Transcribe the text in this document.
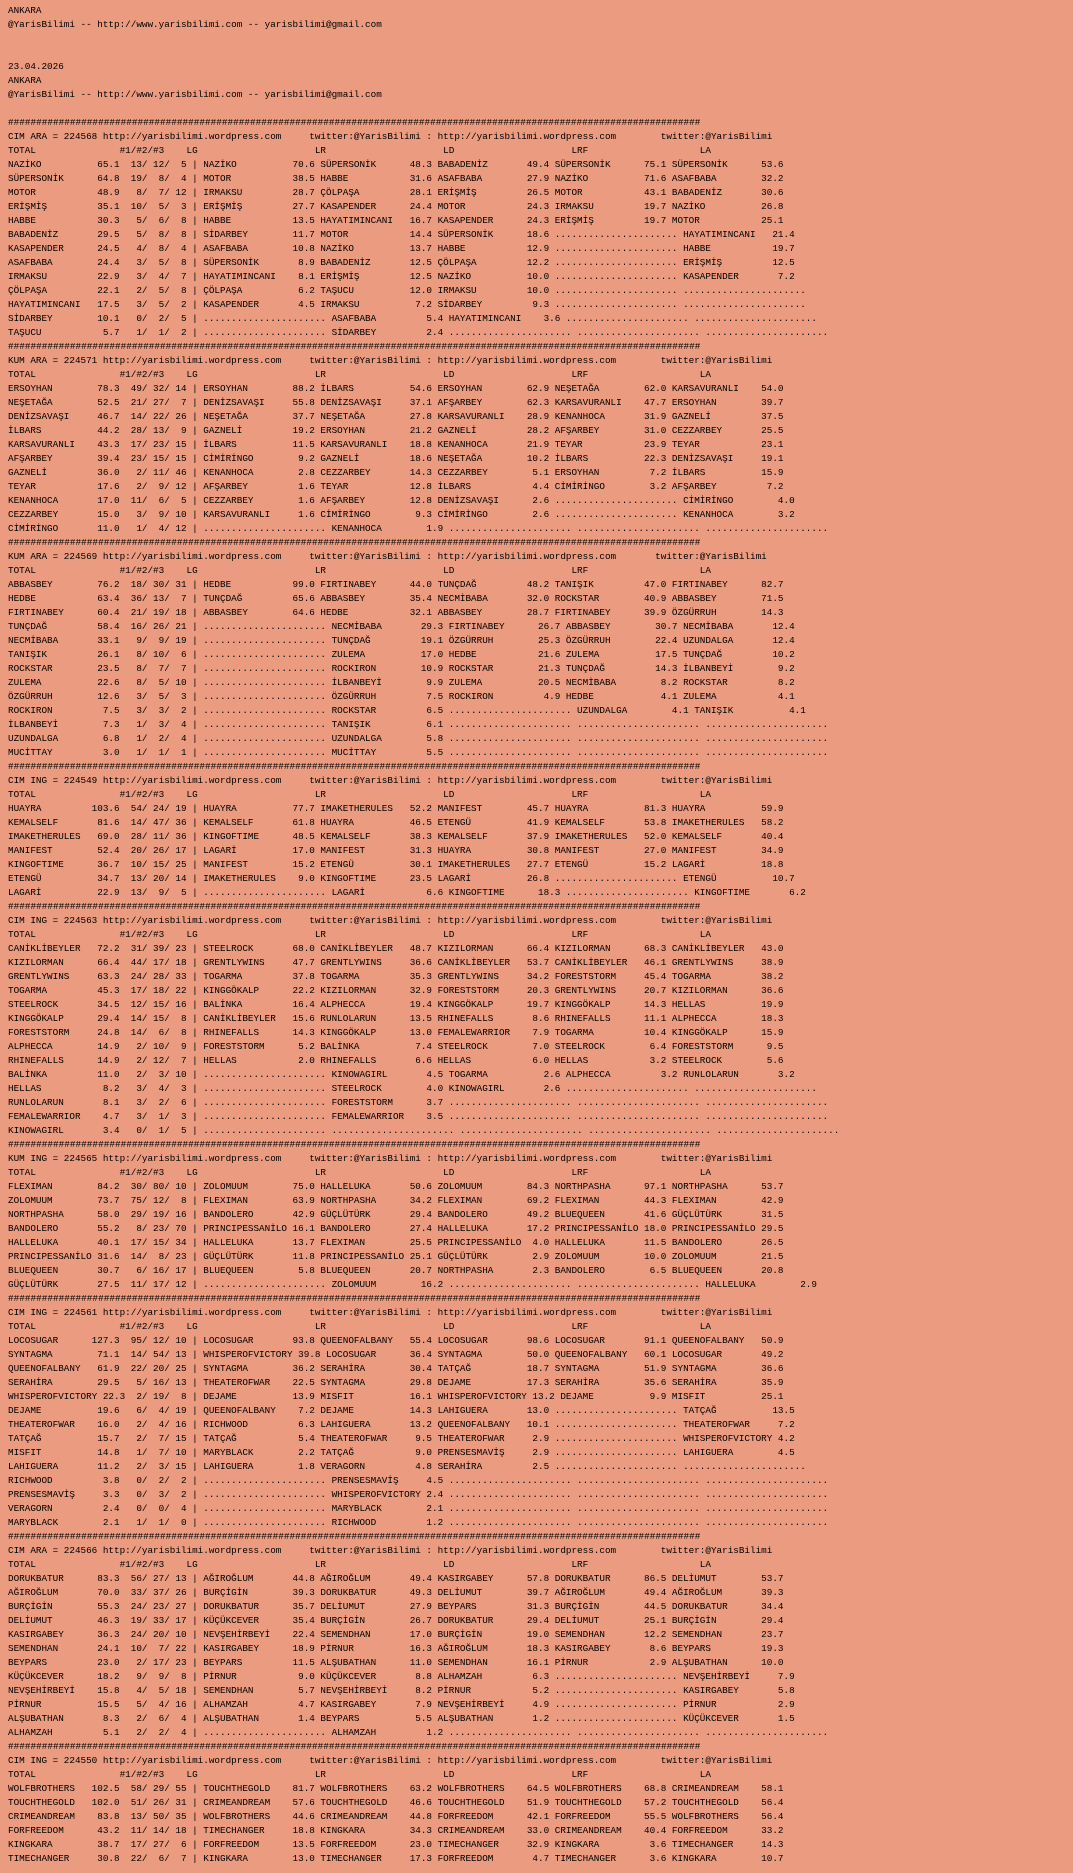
ANKARA
@YarisBilimi -- http://www.yarisbilimi.com -- yarisbilimi@gmail.com
23.04.2026
ANKARA
@YarisBilimi -- http://www.yarisbilimi.com -- yarisbilimi@gmail.com
###########################################################################################################################
CIM ARA = 224568 http://yarisbilimi.wordpress.com     twitter:@YarisBilimi : http://yarisbilimi.wordpress.com        twitter:@YarisBilimi
TOTAL               #1/#2/#3    LG                     LR                     LD                     LRF                    LA
NAZİKO          65.1  13/ 12/  5 | NAZİKO          70.6 SÜPERSONİK      48.3 BABADENİZ       49.4 SÜPERSONİK      75.1 SÜPERSONİK      53.6
SÜPERSONİK      64.8  19/  8/  4 | MOTOR           38.5 HABBE           31.6 ASAFBABA        27.9 NAZİKO          71.6 ASAFBABA        32.2
MOTOR           48.9   8/  7/ 12 | IRMAKSU         28.7 ÇÖLPAŞA         28.1 ERİŞMİŞ         26.5 MOTOR           43.1 BABADENİZ       30.6
ERİŞMİŞ         35.1  10/  5/  3 | ERİŞMİŞ         27.7 KASAPENDER      24.4 MOTOR           24.3 IRMAKSU         19.7 NAZİKO          26.8
HABBE           30.3   5/  6/  8 | HABBE           13.5 HAYATIMINCANI   16.7 KASAPENDER      24.3 ERİŞMİŞ         19.7 MOTOR           25.1
BABADENİZ       29.5   5/  8/  8 | SİDARBEY        11.7 MOTOR           14.4 SÜPERSONİK      18.6 ...................... HAYATIMINCANI   21.4
KASAPENDER      24.5   4/  8/  4 | ASAFBABA        10.8 NAZİKO          13.7 HABBE           12.9 ...................... HABBE           19.7
ASAFBABA        24.4   3/  5/  8 | SÜPERSONİK       8.9 BABADENİZ       12.5 ÇÖLPAŞA         12.2 ...................... ERİŞMİŞ         12.5
IRMAKSU         22.9   3/  4/  7 | HAYATIMINCANI    8.1 ERİŞMİŞ         12.5 NAZİKO          10.0 ...................... KASAPENDER       7.2
ÇÖLPAŞA         22.1   2/  5/  8 | ÇÖLPAŞA          6.2 TAŞUCU          12.0 IRMAKSU         10.0 ...................... ......................
HAYATIMINCANI   17.5   3/  5/  2 | KASAPENDER       4.5 IRMAKSU          7.2 SİDARBEY         9.3 ...................... ......................
SİDARBEY        10.1   0/  2/  5 | ...................... ASAFBABA         5.4 HAYATIMINCANI    3.6 ...................... ......................
TAŞUCU           5.7   1/  1/  2 | ...................... SİDARBEY         2.4 ...................... ...................... ......................
###########################################################################################################################
KUM ARA = 224571 http://yarisbilimi.wordpress.com     twitter:@YarisBilimi : http://yarisbilimi.wordpress.com        twitter:@YarisBilimi
TOTAL               #1/#2/#3    LG                     LR                     LD                     LRF                    LA
ERSOYHAN        78.3  49/ 32/ 14 | ERSOYHAN        88.2 İLBARS          54.6 ERSOYHAN        62.9 NEŞETAĞA        62.0 KARSAVURANLI    54.0
NEŞETAĞA        52.5  21/ 27/  7 | DENİZSAVAŞI     55.8 DENİZSAVAŞI     37.1 AFŞARBEY        62.3 KARSAVURANLI    47.7 ERSOYHAN        39.7
DENİZSAVAŞI     46.7  14/ 22/ 26 | NEŞETAĞA        37.7 NEŞETAĞA        27.8 KARSAVURANLI    28.9 KENANHOCA       31.9 GAZNELİ         37.5
İLBARS          44.2  28/ 13/  9 | GAZNELİ         19.2 ERSOYHAN        21.2 GAZNELİ         28.2 AFŞARBEY        31.0 CEZZARBEY       25.5
KARSAVURANLI    43.3  17/ 23/ 15 | İLBARS          11.5 KARSAVURANLI    18.8 KENANHOCA       21.9 TEYAR           23.9 TEYAR           23.1
AFŞARBEY        39.4  23/ 15/ 15 | CİMİRİNGO        9.2 GAZNELİ         18.6 NEŞETAĞA        10.2 İLBARS          22.3 DENİZSAVAŞI     19.1
GAZNELİ         36.0   2/ 11/ 46 | KENANHOCA        2.8 CEZZARBEY       14.3 CEZZARBEY        5.1 ERSOYHAN         7.2 İLBARS          15.9
TEYAR           17.6   2/  9/ 12 | AFŞARBEY         1.6 TEYAR           12.8 İLBARS           4.4 CİMİRİNGO        3.2 AFŞARBEY         7.2
KENANHOCA       17.0  11/  6/  5 | CEZZARBEY        1.6 AFŞARBEY        12.8 DENİZSAVAŞI      2.6 ...................... CİMİRİNGO        4.0
CEZZARBEY       15.0   3/  9/ 10 | KARSAVURANLI     1.6 CİMİRİNGO        9.3 CİMİRİNGO        2.6 ...................... KENANHOCA        3.2
CİMİRİNGO       11.0   1/  4/ 12 | ...................... KENANHOCA        1.9 ...................... ...................... ......................
###########################################################################################################################
KUM ARA = 224569 http://yarisbilimi.wordpress.com     twitter:@YarisBilimi : http://yarisbilimi.wordpress.com       twitter:@YarisBilimi
TOTAL               #1/#2/#3    LG                     LR                     LD                     LRF                    LA
ABBASBEY        76.2  18/ 30/ 31 | HEDBE           99.0 FIRTINABEY      44.0 TUNÇDAĞ         48.2 TANIŞIK         47.0 FIRTINABEY      82.7
HEDBE           63.4  36/ 13/  7 | TUNÇDAĞ         65.6 ABBASBEY        35.4 NECMİBABA       32.0 ROCKSTAR        40.9 ABBASBEY        71.5
FIRTINABEY      60.4  21/ 19/ 18 | ABBASBEY        64.6 HEDBE           32.1 ABBASBEY        28.7 FIRTINABEY      39.9 ÖZGÜRRUH        14.3
TUNÇDAĞ         58.4  16/ 26/ 21 | ...................... NECMİBABA       29.3 FIRTINABEY      26.7 ABBASBEY        30.7 NECMİBABA       12.4
NECMİBABA       33.1   9/  9/ 19 | ...................... TUNÇDAĞ         19.1 ÖZGÜRRUH        25.3 ÖZGÜRRUH        22.4 UZUNDALGA       12.4
TANIŞIK         26.1   8/ 10/  6 | ...................... ZULEMA          17.0 HEDBE           21.6 ZULEMA          17.5 TUNÇDAĞ         10.2
ROCKSTAR        23.5   8/  7/  7 | ...................... ROCKIRON        10.9 ROCKSTAR        21.3 TUNÇDAĞ         14.3 İLBANBEYİ        9.2
ZULEMA          22.6   8/  5/ 10 | ...................... İLBANBEYİ        9.9 ZULEMA          20.5 NECMİBABA        8.2 ROCKSTAR         8.2
ÖZGÜRRUH        12.6   3/  5/  3 | ...................... ÖZGÜRRUH         7.5 ROCKIRON         4.9 HEDBE            4.1 ZULEMA           4.1
ROCKIRON         7.5   3/  3/  2 | ...................... ROCKSTAR         6.5 ...................... UZUNDALGA        4.1 TANIŞIK          4.1
İLBANBEYİ        7.3   1/  3/  4 | ...................... TANIŞIK          6.1 ...................... ...................... ......................
UZUNDALGA        6.8   1/  2/  4 | ...................... UZUNDALGA        5.8 ...................... ...................... ......................
MUCİTTAY         3.0   1/  1/  1 | ...................... MUCİTTAY         5.5 ...................... ...................... ......................
###########################################################################################################################
CIM ING = 224549 http://yarisbilimi.wordpress.com     twitter:@YarisBilimi : http://yarisbilimi.wordpress.com        twitter:@YarisBilimi
TOTAL               #1/#2/#3    LG                     LR                     LD                     LRF                    LA
HUAYRA         103.6  54/ 24/ 19 | HUAYRA          77.7 IMAKETHERULES   52.2 MANIFEST        45.7 HUAYRA          81.3 HUAYRA          59.9
KEMALSELF       81.6  14/ 47/ 36 | KEMALSELF       61.8 HUAYRA          46.5 ETENGÜ          41.9 KEMALSELF       53.8 IMAKETHERULES   58.2
IMAKETHERULES   69.0  28/ 11/ 36 | KINGOFTIME      48.5 KEMALSELF       38.3 KEMALSELF       37.9 IMAKETHERULES   52.0 KEMALSELF       40.4
MANIFEST        52.4  20/ 26/ 17 | LAGARİ          17.0 MANIFEST        31.3 HUAYRA          30.8 MANIFEST        27.0 MANIFEST        34.9
KINGOFTIME      36.7  10/ 15/ 25 | MANIFEST        15.2 ETENGÜ          30.1 IMAKETHERULES   27.7 ETENGÜ          15.2 LAGARİ          18.8
ETENGÜ          34.7  13/ 20/ 14 | IMAKETHERULES    9.0 KINGOFTIME      23.5 LAGARİ          26.8 ...................... ETENGÜ          10.7
LAGARİ          22.9  13/  9/  5 | ...................... LAGARİ           6.6 KINGOFTIME      18.3 ...................... KINGOFTIME       6.2
###########################################################################################################################
CIM ING = 224563 http://yarisbilimi.wordpress.com     twitter:@YarisBilimi : http://yarisbilimi.wordpress.com        twitter:@YarisBilimi
TOTAL               #1/#2/#3    LG                     LR                     LD                     LRF                    LA
CANİKLİBEYLER   72.2  31/ 39/ 23 | STEELROCK       68.0 CANİKLİBEYLER   48.7 KIZILORMAN      66.4 KIZILORMAN      68.3 CANİKLİBEYLER   43.0
KIZILORMAN      66.4  44/ 17/ 18 | GRENTLYWINS     47.7 GRENTLYWINS     36.6 CANİKLİBEYLER   53.7 CANİKLİBEYLER   46.1 GRENTLYWINS     38.9
GRENTLYWINS     63.3  24/ 28/ 33 | TOGARMA         37.8 TOGARMA         35.3 GRENTLYWINS     34.2 FORESTSTORM     45.4 TOGARMA         38.2
TOGARMA         45.3  17/ 18/ 22 | KINGGÖKALP      22.2 KIZILORMAN      32.9 FORESTSTORM     20.3 GRENTLYWINS     20.7 KIZILORMAN      36.6
STEELROCK       34.5  12/ 15/ 16 | BALİNKA         16.4 ALPHECCA        19.4 KINGGÖKALP      19.7 KINGGÖKALP      14.3 HELLAS          19.9
KINGGÖKALP      29.4  14/ 15/  8 | CANİKLİBEYLER   15.6 RUNLOLARUN      13.5 RHINEFALLS       8.6 RHINEFALLS      11.1 ALPHECCA        18.3
FORESTSTORM     24.8  14/  6/  8 | RHINEFALLS      14.3 KINGGÖKALP      13.0 FEMALEWARRIOR    7.9 TOGARMA         10.4 KINGGÖKALP      15.9
ALPHECCA        14.9   2/ 10/  9 | FORESTSTORM      5.2 BALİNKA          7.4 STEELROCK        7.0 STEELROCK        6.4 FORESTSTORM      9.5
RHINEFALLS      14.9   2/ 12/  7 | HELLAS           2.0 RHINEFALLS       6.6 HELLAS           6.0 HELLAS           3.2 STEELROCK        5.6
BALİNKA         11.0   2/  3/ 10 | ...................... KINOWAGIRL       4.5 TOGARMA          2.6 ALPHECCA         3.2 RUNLOLARUN       3.2
HELLAS           8.2   3/  4/  3 | ...................... STEELROCK        4.0 KINOWAGIRL       2.6 ...................... ......................
RUNLOLARUN       8.1   3/  2/  6 | ...................... FORESTSTORM      3.7 ...................... ...................... ......................
FEMALEWARRIOR    4.7   3/  1/  3 | ...................... FEMALEWARRIOR    3.5 ...................... ...................... ......................
KINOWAGIRL       3.4   0/  1/  5 | ...................... ...................... ...................... ...................... ......................
###########################################################################################################################
KUM ING = 224565 http://yarisbilimi.wordpress.com     twitter:@YarisBilimi : http://yarisbilimi.wordpress.com        twitter:@YarisBilimi
TOTAL               #1/#2/#3    LG                     LR                     LD                     LRF                    LA
FLEXIMAN        84.2  30/ 80/ 10 | ZOLOMUUM        75.0 HALLELUKA       50.6 ZOLOMUUM        84.3 NORTHPASHA      97.1 NORTHPASHA      53.7
ZOLOMUUM        73.7  75/ 12/  8 | FLEXIMAN        63.9 NORTHPASHA      34.2 FLEXIMAN        69.2 FLEXIMAN        44.3 FLEXIMAN        42.9
NORTHPASHA      58.0  29/ 19/ 16 | BANDOLERO       42.9 GÜÇLÜTÜRK       29.4 BANDOLERO       49.2 BLUEQUEEN       41.6 GÜÇLÜTÜRK       31.5
BANDOLERO       55.2   8/ 23/ 70 | PRINCIPESSANİLO 16.1 BANDOLERO       27.4 HALLELUKA       17.2 PRINCIPESSANİLO 18.0 PRINCIPESSANİLO 29.5
HALLELUKA       40.1  17/ 15/ 34 | HALLELUKA       13.7 FLEXIMAN        25.5 PRINCIPESSANİLO  4.0 HALLELUKA       11.5 BANDOLERO       26.5
PRINCIPESSANİLO 31.6  14/  8/ 23 | GÜÇLÜTÜRK       11.8 PRINCIPESSANİLO 25.1 GÜÇLÜTÜRK        2.9 ZOLOMUUM        10.0 ZOLOMUUM        21.5
BLUEQUEEN       30.7   6/ 16/ 17 | BLUEQUEEN        5.8 BLUEQUEEN       20.7 NORTHPASHA       2.3 BANDOLERO        6.5 BLUEQUEEN       20.8
GÜÇLÜTÜRK       27.5  11/ 17/ 12 | ...................... ZOLOMUUM        16.2 ...................... ...................... HALLELUKA        2.9
###########################################################################################################################
CIM ING = 224561 http://yarisbilimi.wordpress.com     twitter:@YarisBilimi : http://yarisbilimi.wordpress.com        twitter:@YarisBilimi
TOTAL               #1/#2/#3    LG                     LR                     LD                     LRF                    LA
LOCOSUGAR      127.3  95/ 12/ 10 | LOCOSUGAR       93.8 QUEENOFALBANY   55.4 LOCOSUGAR       98.6 LOCOSUGAR       91.1 QUEENOFALBANY   50.9
SYNTAGMA        71.1  14/ 54/ 13 | WHISPEROFVICTORY 39.8 LOCOSUGAR      36.4 SYNTAGMA        50.0 QUEENOFALBANY   60.1 LOCOSUGAR       49.2
QUEENOFALBANY   61.9  22/ 20/ 25 | SYNTAGMA        36.2 SERAHİRA        30.4 TATÇAĞ          18.7 SYNTAGMA        51.9 SYNTAGMA        36.6
SERAHİRA        29.5   5/ 16/ 13 | THEATEROFWAR    22.5 SYNTAGMA        29.8 DEJAME          17.3 SERAHİRA        35.6 SERAHİRA        35.9
WHISPEROFVICTORY 22.3  2/ 19/  8 | DEJAME          13.9 MISFIT          16.1 WHISPEROFVICTORY 13.2 DEJAME          9.9 MISFIT          25.1
DEJAME          19.6   6/  4/ 19 | QUEENOFALBANY    7.2 DEJAME          14.3 LAHIGUERA       13.0 ...................... TATÇAĞ          13.5
THEATEROFWAR    16.0   2/  4/ 16 | RICHWOOD         6.3 LAHIGUERA       13.2 QUEENOFALBANY   10.1 ...................... THEATEROFWAR     7.2
TATÇAĞ          15.7   2/  7/ 15 | TATÇAĞ           5.4 THEATEROFWAR     9.5 THEATEROFWAR     2.9 ...................... WHISPEROFVICTORY 4.2
MISFIT          14.8   1/  7/ 10 | MARYBLACK        2.2 TATÇAĞ           9.0 PRENSESMAVİŞ     2.9 ...................... LAHIGUERA        4.5
LAHIGUERA       11.2   2/  3/ 15 | LAHIGUERA        1.8 VERAGORN         4.8 SERAHİRA         2.5 ...................... ......................
RICHWOOD         3.8   0/  2/  2 | ...................... PRENSESMAVİŞ     4.5 ...................... ...................... ......................
PRENSESMAVİŞ     3.3   0/  3/  2 | ...................... WHISPEROFVICTORY 2.4 ...................... ...................... ......................
VERAGORN         2.4   0/  0/  4 | ...................... MARYBLACK        2.1 ...................... ...................... ......................
MARYBLACK        2.1   1/  1/  0 | ...................... RICHWOOD         1.2 ...................... ...................... ......................
###########################################################################################################################
CIM ARA = 224566 http://yarisbilimi.wordpress.com     twitter:@YarisBilimi : http://yarisbilimi.wordpress.com        twitter:@YarisBilimi
TOTAL               #1/#2/#3    LG                     LR                     LD                     LRF                    LA
DORUKBATUR      83.3  56/ 27/ 13 | AĞIROĞLUM       44.8 AĞIROĞLUM       49.4 KASIRGABEY      57.8 DORUKBATUR      86.5 DELİUMUT        53.7
AĞIROĞLUM       70.0  33/ 37/ 26 | BURÇİGİN        39.3 DORUKBATUR      49.3 DELİUMUT        39.7 AĞIROĞLUM       49.4 AĞIROĞLUM       39.3
BURÇİGİN        55.3  24/ 23/ 27 | DORUKBATUR      35.7 DELİUMUT        27.9 BEYPARS         31.3 BURÇİGİN        44.5 DORUKBATUR      34.4
DELİUMUT        46.3  19/ 33/ 17 | KÜÇÜKCEVER      35.4 BURÇİGİN        26.7 DORUKBATUR      29.4 DELİUMUT        25.1 BURÇİGİN        29.4
KASIRGABEY      36.3  24/ 20/ 10 | NEVŞEHİRBEYİ    22.4 SEMENDHAN       17.0 BURÇİGİN        19.0 SEMENDHAN       12.2 SEMENDHAN       23.7
SEMENDHAN       24.1  10/  7/ 22 | KASIRGABEY      18.9 PİRNUR          16.3 AĞIROĞLUM       18.3 KASIRGABEY       8.6 BEYPARS         19.3
BEYPARS         23.0   2/ 17/ 23 | BEYPARS         11.5 ALŞUBATHAN      11.0 SEMENDHAN       16.1 PİRNUR           2.9 ALŞUBATHAN      10.0
KÜÇÜKCEVER      18.2   9/  9/  8 | PİRNUR           9.0 KÜÇÜKCEVER       8.8 ALHAMZAH         6.3 ...................... NEVŞEHİRBEYİ     7.9
NEVŞEHİRBEYİ    15.8   4/  5/ 18 | SEMENDHAN        5.7 NEVŞEHİRBEYİ     8.2 PİRNUR           5.2 ...................... KASIRGABEY       5.8
PİRNUR          15.5   5/  4/ 16 | ALHAMZAH         4.7 KASIRGABEY       7.9 NEVŞEHİRBEYİ     4.9 ...................... PİRNUR           2.9
ALŞUBATHAN       8.3   2/  6/  4 | ALŞUBATHAN       1.4 BEYPARS          5.5 ALŞUBATHAN       1.2 ...................... KÜÇÜKCEVER       1.5
ALHAMZAH         5.1   2/  2/  4 | ...................... ALHAMZAH         1.2 ...................... ...................... ......................
###########################################################################################################################
CIM ING = 224550 http://yarisbilimi.wordpress.com     twitter:@YarisBilimi : http://yarisbilimi.wordpress.com        twitter:@YarisBilimi
TOTAL               #1/#2/#3    LG                     LR                     LD                     LRF                    LA
WOLFBROTHERS   102.5  58/ 29/ 55 | TOUCHTHEGOLD    81.7 WOLFBROTHERS    63.2 WOLFBROTHERS    64.5 WOLFBROTHERS    68.8 CRIMEANDREAM    58.1
TOUCHTHEGOLD   102.0  51/ 26/ 31 | CRIMEANDREAM    57.6 TOUCHTHEGOLD    46.6 TOUCHTHEGOLD    51.9 TOUCHTHEGOLD    57.2 TOUCHTHEGOLD    56.4
CRIMEANDREAM    83.8  13/ 50/ 35 | WOLFBROTHERS    44.6 CRIMEANDREAM    44.8 FORFREEDOM      42.1 FORFREEDOM      55.5 WOLFBROTHERS    56.4
FORFREEDOM      43.2  11/ 14/ 18 | TIMECHANGER     18.8 KINGKARA        34.3 CRIMEANDREAM    33.0 CRIMEANDREAM    40.4 FORFREEDOM      33.2
KINGKARA        38.7  17/ 27/  6 | FORFREEDOM      13.5 FORFREEDOM      23.0 TIMECHANGER     32.9 KINGKARA         3.6 TIMECHANGER     14.3
TIMECHANGER     30.8  22/  6/  7 | KINGKARA        13.0 TIMECHANGER     17.3 FORFREEDOM       4.7 TIMECHANGER      3.6 KINGKARA        10.7
